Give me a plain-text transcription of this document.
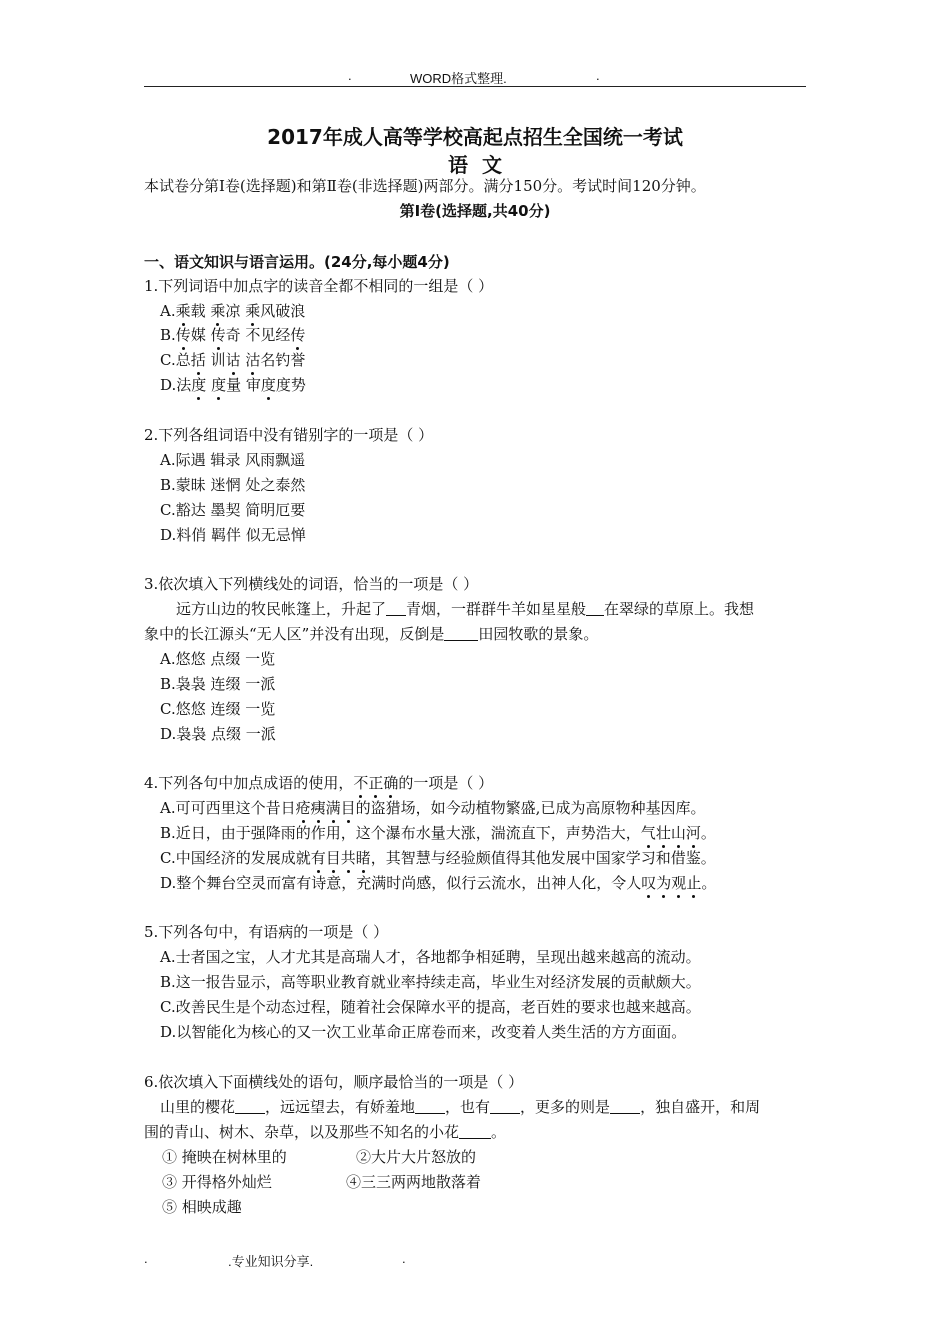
.	WORD格式整理.	.
2017年成人高等学校高起点招生全国统一考试
语文
本试卷分第Ⅰ卷(选择题)和第Ⅱ卷(非选择题)两部分。满分150分。考试时间120分钟。
第Ⅰ卷(选择题,共40分)
一、语文知识与语言运用。(24分,每小题4分)
1.下列词语中加点字的读音全都不相同的一组是（ ）
A.乘载 乘凉 乘风破浪
B.传媒 传奇 不见经传
C.总括 训诂 沽名钓誉
D.法度 度量 审度度势
2.下列各组词语中没有错别字的一项是（ ）
A.际遇 辑录 风雨飘遥
B.蒙昧 迷惘 处之泰然
C.豁达 墨契 简明厄要
D.料俏 羁伴 似无忌惮
3.依次填入下列横线处的词语，恰当的一项是（ ）
远方山边的牧民帐篷上，升起了 青烟，一群群牛羊如星星般 在翠绿的草原上。我想
象中的长江源头“无人区”并没有出现，反倒是 田园牧歌的景象。
A.悠悠 点缀 一览
B.袅袅 连缀 一派
C.悠悠 连缀 一览
D.袅袅 点缀 一派
4.下列各句中加点成语的使用，不正确的一项是（ ）
A.可可西里这个昔日疮痍满目的盗猎场，如今动植物繁盛,已成为高原物种基因库。
B.近日，由于强降雨的作用，这个瀑布水量大涨，湍流直下，声势浩大，气壮山河。
C.中国经济的发展成就有目共睹，其智慧与经验颇值得其他发展中国家学习和借鉴。
D.整个舞台空灵而富有诗意，充满时尚感，似行云流水，出神人化，令人叹为观止。
5.下列各句中，有语病的一项是（ ）
A.士者国之宝，人才尤其是高瑞人才，各地都争相延聘，呈现出越来越高的流动。
B.这一报告显示，高等职业教育就业率持续走高，毕业生对经济发展的贡献颇大。
C.改善民生是个动态过程，随着社会保障水平的提高，老百姓的要求也越来越高。
D.以智能化为核心的又一次工业革命正席卷而来，改变着人类生活的方方面面。
6.依次填入下面横线处的语句，顺序最恰当的一项是（ ）
山里的樱花 ，远远望去，有娇羞地 ，也有 ，更多的则是 ，独自盛开，和周
围的青山、树木、杂草，以及那些不知名的小花 。
① 掩映在树林里的	②大片大片怒放的
③ 开得格外灿烂	④三三两两地散落着
⑤ 相映成趣
.	.专业知识分享.	.
